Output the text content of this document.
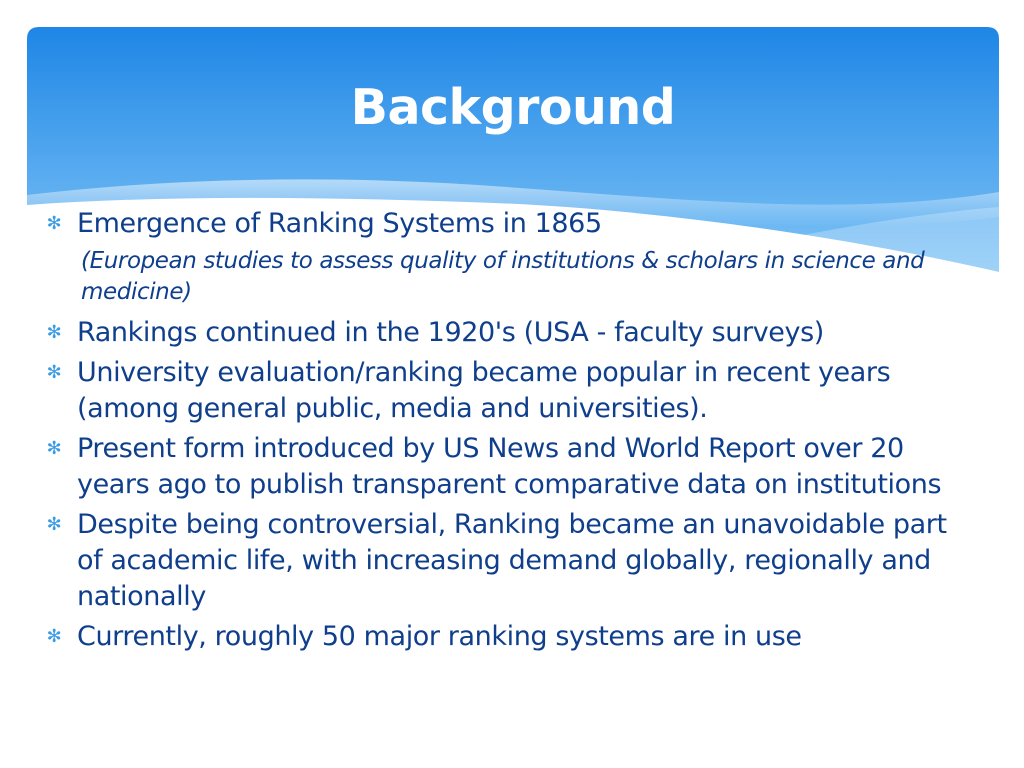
Background
✻ Emergence of Ranking Systems in 1865
(European studies to assess quality of institutions & scholars in science and medicine)
✻ Rankings continued in the 1920's (USA - faculty surveys)
✻ University evaluation/ranking became popular in recent years (among general public, media and universities).
✻ Present form introduced by US News and World Report over 20 years ago to publish transparent comparative data on institutions
✻ Despite being controversial, Ranking became an unavoidable part of academic life, with increasing demand globally, regionally and nationally
✻ Currently, roughly 50 major ranking systems are in use
